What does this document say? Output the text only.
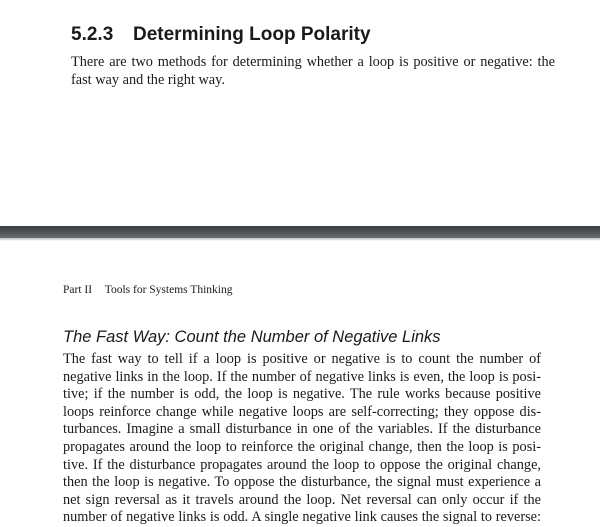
5.2.3 Determining Loop Polarity
There are two methods for determining whether a loop is positive or negative: the fast way and the right way.
Part II Tools for Systems Thinking
The Fast Way: Count the Number of Negative Links
The fast way to tell if a loop is positive or negative is to count the number of
negative links in the loop. If the number of negative links is even, the loop is posi-
tive; if the number is odd, the loop is negative. The rule works because positive
loops reinforce change while negative loops are self-correcting; they oppose dis-
turbances. Imagine a small disturbance in one of the variables. If the disturbance
propagates around the loop to reinforce the original change, then the loop is posi-
tive. If the disturbance propagates around the loop to oppose the original change,
then the loop is negative. To oppose the disturbance, the signal must experience a
net sign reversal as it travels around the loop. Net reversal can only occur if the
number of negative links is odd. A single negative link causes the signal to reverse:
